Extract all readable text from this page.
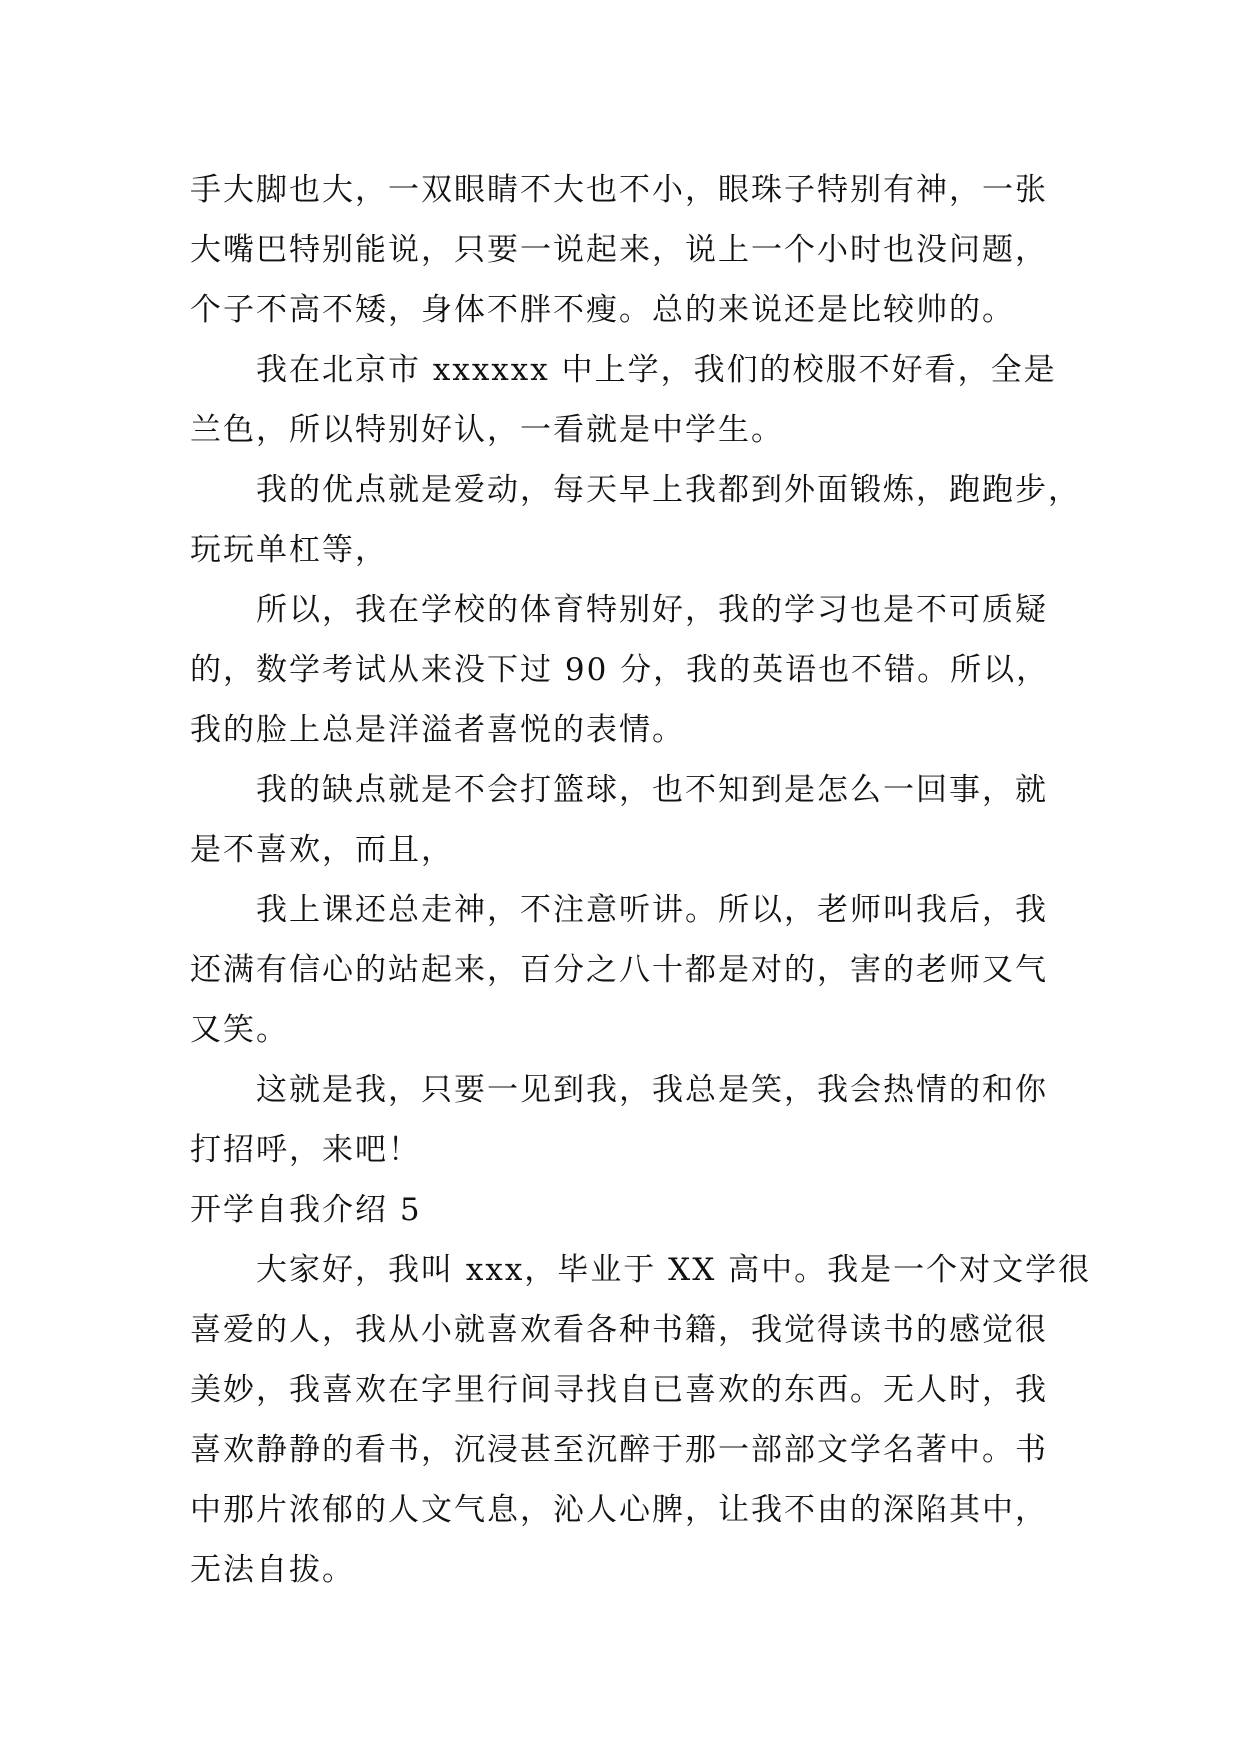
手大脚也大，一双眼睛不大也不小，眼珠子特别有神，一张
大嘴巴特别能说，只要一说起来，说上一个小时也没问题，
个子不高不矮，身体不胖不瘦。总的来说还是比较帅的。
我在北京市 xxxxxx 中上学，我们的校服不好看，全是
兰色，所以特别好认，一看就是中学生。
我的优点就是爱动，每天早上我都到外面锻炼，跑跑步，
玩玩单杠等，
所以，我在学校的体育特别好，我的学习也是不可质疑
的，数学考试从来没下过 90 分，我的英语也不错。所以，
我的脸上总是洋溢者喜悦的表情。
我的缺点就是不会打篮球，也不知到是怎么一回事，就
是不喜欢，而且，
我上课还总走神，不注意听讲。所以，老师叫我后，我
还满有信心的站起来，百分之八十都是对的，害的老师又气
又笑。
这就是我，只要一见到我，我总是笑，我会热情的和你
打招呼，来吧！
开学自我介绍 5
大家好，我叫 xxx，毕业于 XX 高中。我是一个对文学很
喜爱的人，我从小就喜欢看各种书籍，我觉得读书的感觉很
美妙，我喜欢在字里行间寻找自已喜欢的东西。无人时，我
喜欢静静的看书，沉浸甚至沉醉于那一部部文学名著中。书
中那片浓郁的人文气息，沁人心脾，让我不由的深陷其中，
无法自拔。
